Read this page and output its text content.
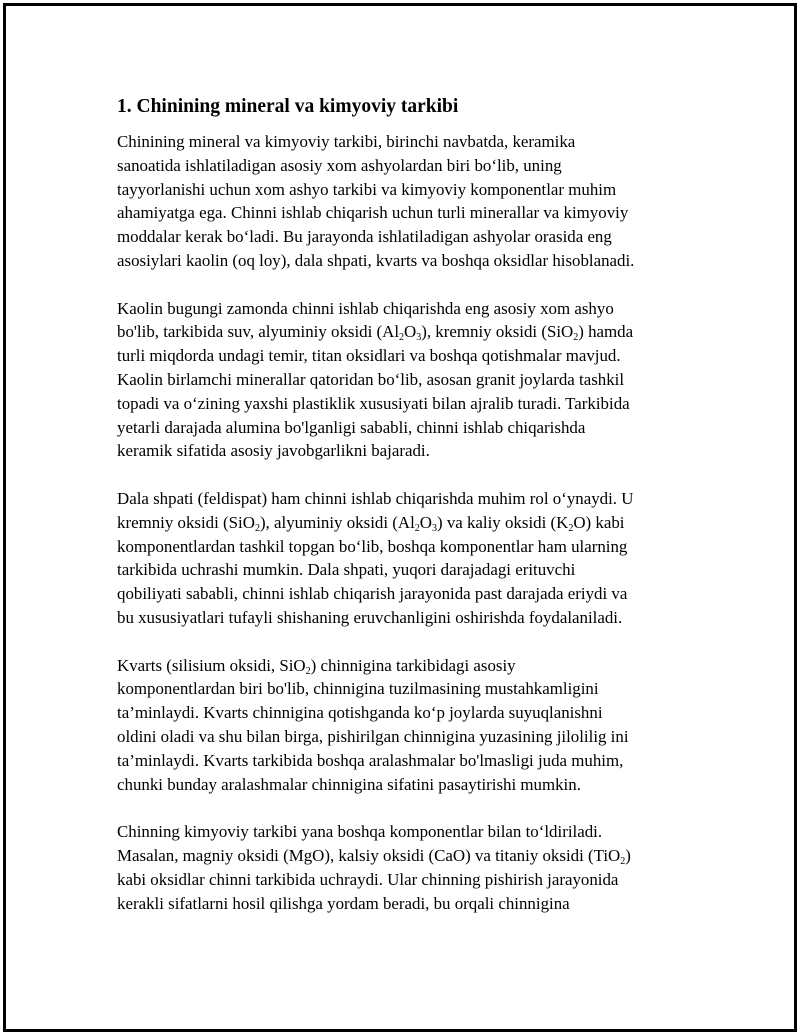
1. Chinining mineral va kimyoviy tarkibi

Chinining mineral va kimyoviy tarkibi, birinchi navbatda, keramika
sanoatida ishlatiladigan asosiy xom ashyolardan biri bo‘lib, uning
tayyorlanishi uchun xom ashyo tarkibi va kimyoviy komponentlar muhim
ahamiyatga ega. Chinni ishlab chiqarish uchun turli minerallar va kimyoviy
moddalar kerak bo‘ladi. Bu jarayonda ishlatiladigan ashyolar orasida eng
asosiylari kaolin (oq loy), dala shpati, kvarts va boshqa oksidlar hisoblanadi.

Kaolin bugungi zamonda chinni ishlab chiqarishda eng asosiy xom ashyo
bo'lib, tarkibida suv, alyuminiy oksidi $(Al_2O_3)$, kremniy oksidi (SiO$_2$) hamda
turli miqdorda undagi temir, titan oksidlari va boshqa qotishmalar mavjud.
Kaolin birlamchi minerallar qatoridan bo‘lib, asosan granit joylarda tashkil
topadi va o‘zining yaxshi plastiklik xususiyati bilan ajralib turadi. Tarkibida
yetarli darajada alumina bo'lganligi sababli, chinni ishlab chiqarishda
keramik sifatida asosiy javobgarlikni bajaradi.

Dala shpati (feldispat) ham chinni ishlab chiqarishda muhim rol o‘ynaydi. U
kremniy oksidi (SiO$_2$), alyuminiy oksidi $(Al_2O_3)$ va kaliy oksidi $(K_2O)$ kabi
komponentlardan tashkil topgan bo‘lib, boshqa komponentlar ham ularning
tarkibida uchrashi mumkin. Dala shpati, yuqori darajadagi erituvchi
qobiliyati sababli, chinni ishlab chiqarish jarayonida past darajada eriydi va
bu xususiyatlari tufayli shishaning eruvchanligini oshirishda foydalaniladi.

Kvarts (silisium oksidi, SiO$_2$) chinnigina tarkibidagi asosiy
komponentlardan biri bo'lib, chinnigina tuzilmasining mustahkamligini
ta’minlaydi. Kvarts chinnigina qotishganda ko‘p joylarda suyuqlanishni
oldini oladi va shu bilan birga, pishirilgan chinnigina yuzasining jilolilig ini
ta’minlaydi. Kvarts tarkibida boshqa aralashmalar bo'lmasligi juda muhim,
chunki bunday aralashmalar chinnigina sifatini pasaytirishi mumkin.

Chinning kimyoviy tarkibi yana boshqa komponentlar bilan to‘ldiriladi.
Masalan, magniy oksidi (MgO), kalsiy oksidi (CaO) va titaniy oksidi (TiO$_2$)
kabi oksidlar chinni tarkibida uchraydi. Ular chinning pishirish jarayonida
kerakli sifatlarni hosil qilishga yordam beradi, bu orqali chinnigina
